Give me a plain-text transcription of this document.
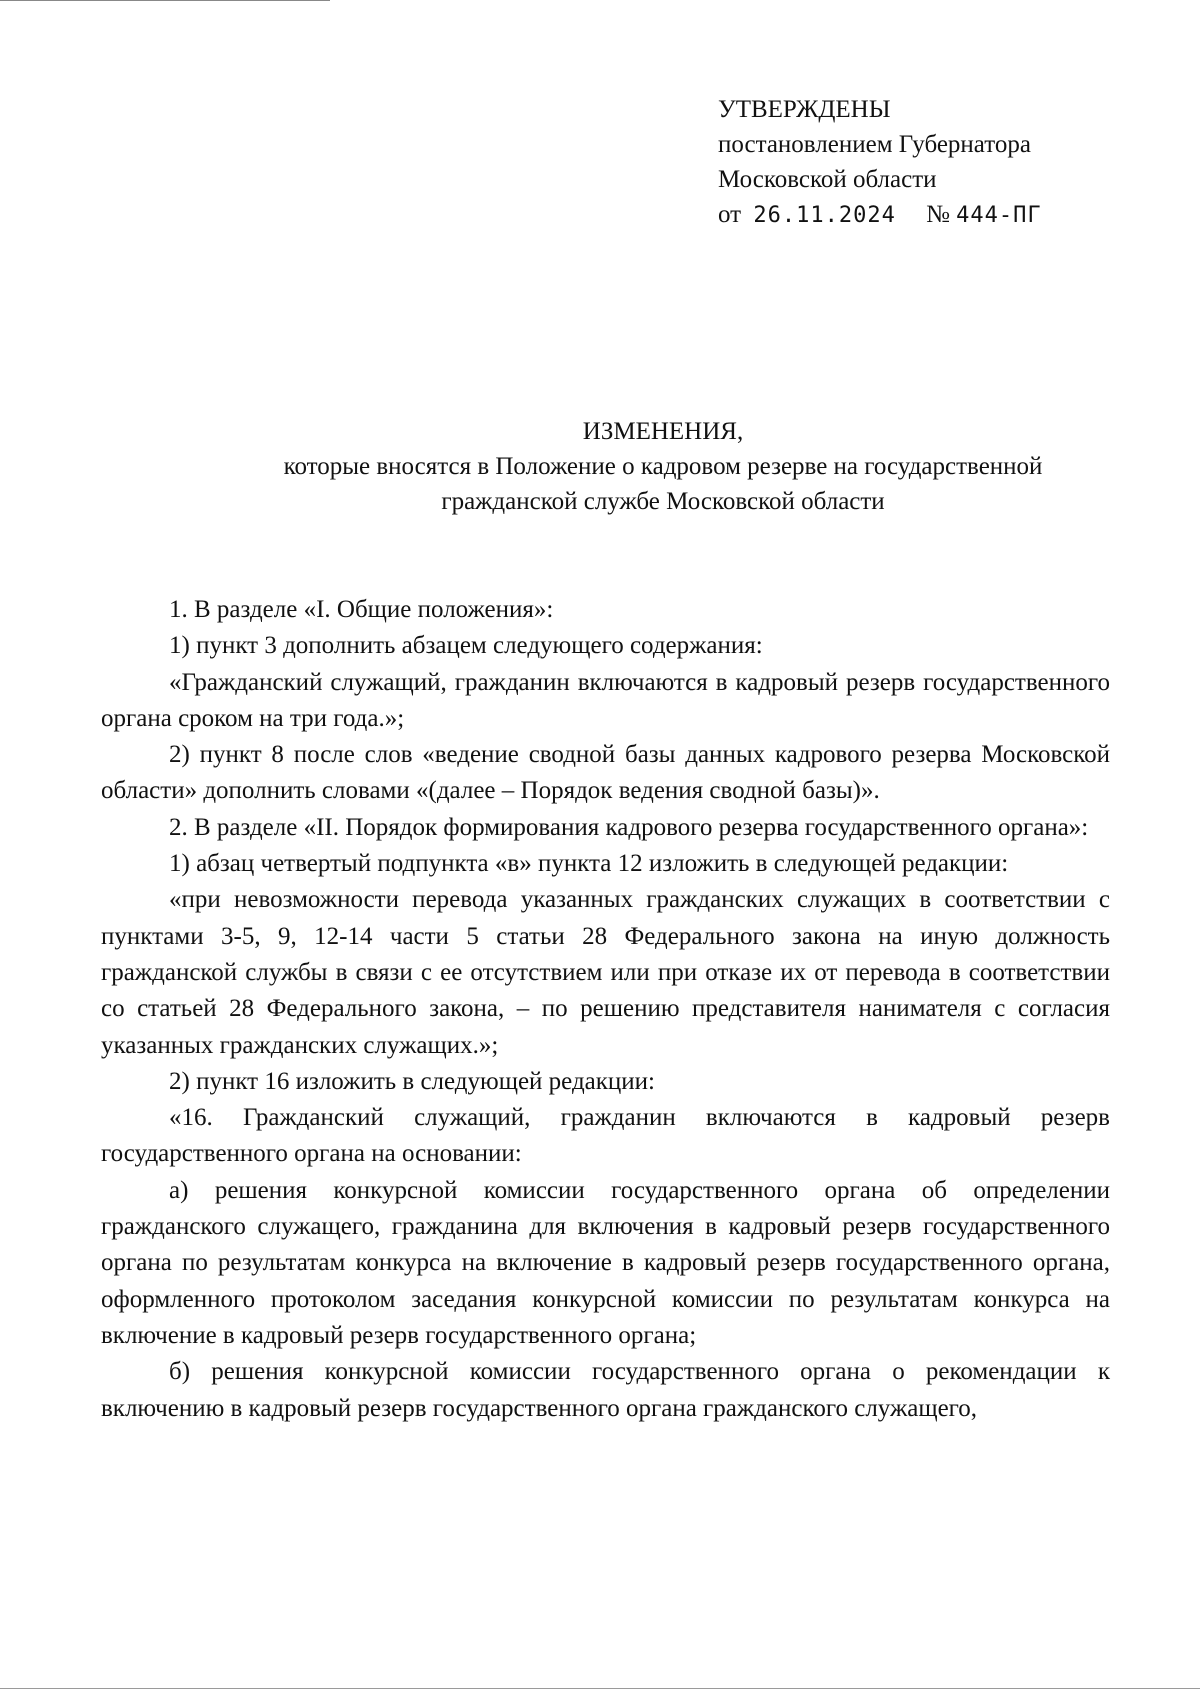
УТВЕРЖДЕНЫ
постановлением Губернатора
Московской области
от 26.11.2024 № 444-ПГ
ИЗМЕНЕНИЯ,
которые вносятся в Положение о кадровом резерве на государственной
гражданской службе Московской области

1. В разделе «I. Общие положения»:

1) пункт 3 дополнить абзацем следующего содержания:

«Гражданский служащий, гражданин включаются в кадровый резерв государственного органа сроком на три года.»;

2) пункт 8 после слов «ведение сводной базы данных кадрового резерва Московской области» дополнить словами «(далее – Порядок ведения сводной базы)».

2. В разделе «II. Порядок формирования кадрового резерва государственного органа»:

1) абзац четвертый подпункта «в» пункта 12 изложить в следующей редакции:

«при невозможности перевода указанных гражданских служащих в соответствии с пунктами 3-5, 9, 12-14 части 5 статьи 28 Федерального закона на иную должность гражданской службы в связи с ее отсутствием или при отказе их от перевода в соответствии со статьей 28 Федерального закона, – по решению представителя нанимателя с согласия указанных гражданских служащих.»;

2) пункт 16 изложить в следующей редакции:

«16. Гражданский служащий, гражданин включаются в кадровый резерв государственного органа на основании:

а) решения конкурсной комиссии государственного органа об определении гражданского служащего, гражданина для включения в кадровый резерв государственного органа по результатам конкурса на включение в кадровый резерв государственного органа, оформленного протоколом заседания конкурсной комиссии по результатам конкурса на включение в кадровый резерв государственного органа;

б) решения конкурсной комиссии государственного органа о рекомендации к включению в кадровый резерв государственного органа гражданского служащего,
